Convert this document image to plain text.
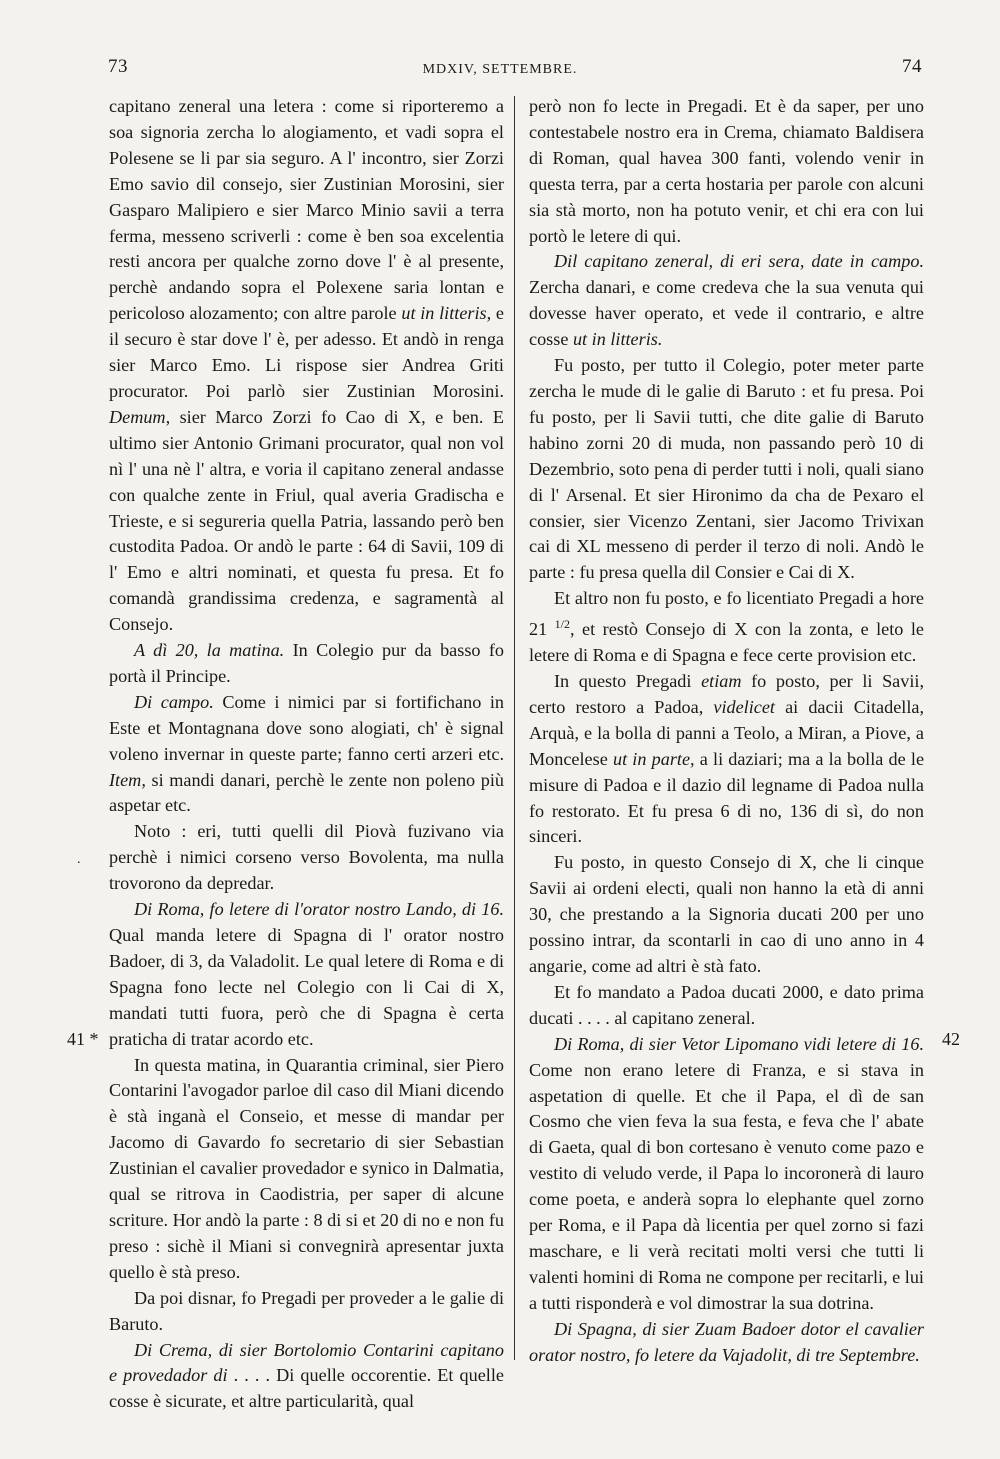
73	MDXIV, SETTEMBRE.	74
41 *	42
.

capitano zeneral una letera : come si riporteremo a soa signoria zercha lo alogiamento, et vadi sopra el Polesene se li par sia seguro. A l' incontro, sier Zorzi Emo savio dil consejo, sier Zustinian Morosini, sier Gasparo Malipiero e sier Marco Minio savii a terra ferma, messeno scriverli : come è ben soa excelentia resti ancora per qualche zorno dove l' è al presente, perchè andando sopra el Polexene saria lontan e pericoloso alozamento; con altre parole ut in litteris, e il securo è star dove l' è, per adesso. Et andò in renga sier Marco Emo. Li rispose sier Andrea Griti procurator. Poi parlò sier Zustinian Morosini. Demum, sier Marco Zorzi fo Cao di X, e ben. E ultimo sier Antonio Grimani procurator, qual non vol nì l' una nè l' altra, e voria il capitano zeneral andasse con qualche zente in Friul, qual averia Gradischa e Trieste, e si segureria quella Patria, lassando però ben custodita Padoa. Or andò le parte : 64 di Savii, 109 di l' Emo e altri nominati, et questa fu presa. Et fo comandà grandissima credenza, e sagramentà al Consejo.

A dì 20, la matina. In Colegio pur da basso fo portà il Principe.

Di campo. Come i nimici par si fortifichano in Este et Montagnana dove sono alogiati, ch' è signal voleno invernar in queste parte; fanno certi arzeri etc. Item, si mandi danari, perchè le zente non poleno più aspetar etc.

Noto : eri, tutti quelli dil Piovà fuzivano via perchè i nimici corseno verso Bovolenta, ma nulla trovorono da depredar.

Di Roma, fo letere di l'orator nostro Lando, di 16. Qual manda letere di Spagna di l' orator nostro Badoer, di 3, da Valadolit. Le qual letere di Roma e di Spagna fono lecte nel Colegio con li Cai di X, mandati tutti fuora, però che di Spagna è certa praticha di tratar acordo etc.

In questa matina, in Quarantia criminal, sier Piero Contarini l'avogador parloe dil caso dil Miani dicendo è stà inganà el Conseio, et messe di mandar per Jacomo di Gavardo fo secretario di sier Sebastian Zustinian el cavalier provedador e synico in Dalmatia, qual se ritrova in Caodistria, per saper di alcune scriture. Hor andò la parte : 8 di si et 20 di no e non fu preso : sichè il Miani si convegnirà apresentar juxta quello è stà preso.

Da poi disnar, fo Pregadi per proveder a le galie di Baruto.

Di Crema, di sier Bortolomio Contarini capitano e provedador di . . . . Di quelle occorentie. Et quelle cosse è sicurate, et altre particularità, qual

però non fo lecte in Pregadi. Et è da saper, per uno contestabele nostro era in Crema, chiamato Baldisera di Roman, qual havea 300 fanti, volendo venir in questa terra, par a certa hostaria per parole con alcuni sia stà morto, non ha potuto venir, et chi era con lui portò le letere di qui.

Dil capitano zeneral, di eri sera, date in campo. Zercha danari, e come credeva che la sua venuta qui dovesse haver operato, et vede il contrario, e altre cosse ut in litteris.

Fu posto, per tutto il Colegio, poter meter parte zercha le mude di le galie di Baruto : et fu presa. Poi fu posto, per li Savii tutti, che dite galie di Baruto habino zorni 20 di muda, non passando però 10 di Dezembrio, soto pena di perder tutti i noli, quali siano di l' Arsenal. Et sier Hironimo da cha de Pexaro el consier, sier Vicenzo Zentani, sier Jacomo Trivixan cai di XL messeno di perder il terzo di noli. Andò le parte : fu presa quella dil Consier e Cai di X.

Et altro non fu posto, e fo licentiato Pregadi a hore 21 $^{1/2}$, et restò Consejo di X con la zonta, e leto le letere di Roma e di Spagna e fece certe provision etc.

In questo Pregadi etiam fo posto, per li Savii, certo restoro a Padoa, videlicet ai dacii Citadella, Arquà, e la bolla di panni a Teolo, a Miran, a Piove, a Moncelese ut in parte, a li daziari; ma a la bolla de le misure di Padoa e il dazio dil legname di Padoa nulla fo restorato. Et fu presa 6 di no, 136 di sì, do non sinceri.

Fu posto, in questo Consejo di X, che li cinque Savii ai ordeni electi, quali non hanno la età di anni 30, che prestando a la Signoria ducati 200 per uno possino intrar, da scontarli in cao di uno anno in 4 angarie, come ad altri è stà fato.

Et fo mandato a Padoa ducati 2000, e dato prima ducati . . . . al capitano zeneral.

Di Roma, di sier Vetor Lipomano vidi letere di 16. Come non erano letere di Franza, e si stava in aspetation di quelle. Et che il Papa, el dì de san Cosmo che vien feva la sua festa, e feva che l' abate di Gaeta, qual di bon cortesano è venuto come pazo e vestito di veludo verde, il Papa lo incoronerà di lauro come poeta, e anderà sopra lo elephante quel zorno per Roma, e il Papa dà licentia per quel zorno si fazi maschare, e li verà recitati molti versi che tutti li valenti homini di Roma ne compone per recitarli, e lui a tutti risponderà e vol dimostrar la sua dotrina.

Di Spagna, di sier Zuam Badoer dotor el cavalier orator nostro, fo letere da Vajadolit, di tre Septembre.
